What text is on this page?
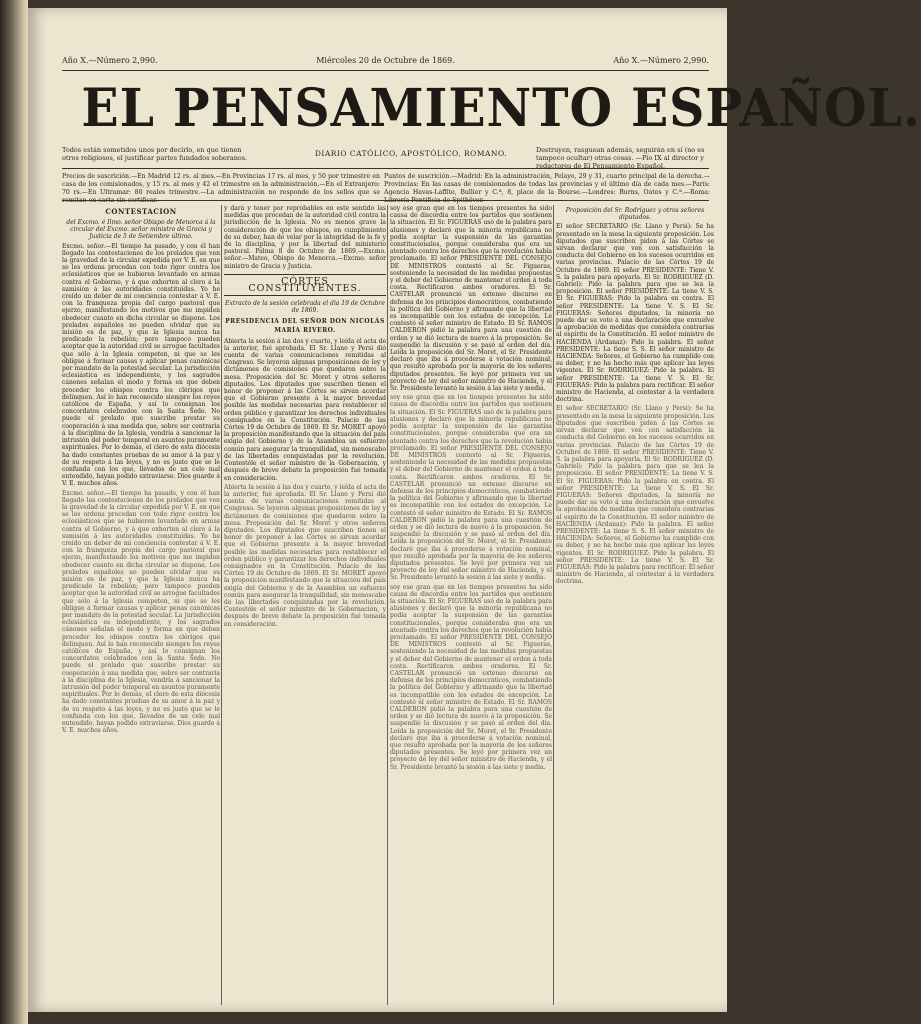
Año X.—Número 2,990.	Miércoles 20 de Octubre de 1869.	Año X.—Número 2,990.
EL PENSAMIENTO ESPAÑOL.
Todos están sometidos unos por decirlo, en que tienen otros religiosos, el justificar partes fundados soberanos.	DIARIO CATÓLICO, APOSTÓLICO, ROMANO.	Destruyen, rasguean además, seguirán en sí (no es tampoco ocultar) otras cosas. —Pío IX al director y redactores de El Pensamiento Español.
Precios de suscrición.—En Madrid 12 rs. al mes.—En Provincias 17 rs. al mes, y 50 por trimestre en casa de los comisionados, y 15 rs. al mes y 42 el trimestre en la administración.—En el Extranjero: 70 rs.—En Ultramar: 80 reales trimestre.—La administración no responde de los sellos que se remitan en carta sin certificar.
Puntos de suscrición.—Madrid: En la administración, Pelayo, 29 y 31, cuarto principal de la derecha.—Provincias: En las casas de comisionados de todas las provincias y el último día de cada mes.—París: Agencia Havas-Laffite, Bullier y C.ª, 8, place de la Bourse.—Londres: Burns, Oates y C.ª.—Roma: Librería Pontificia de Spithöver.
CONTESTACION
del Excmo. é Ilmo. señor Obispo de Menorca á la circular del Excmo. señor ministro de Gracia y Justicia de 5 de Setiembre último.

Excmo. señor.—El tiempo ha pasado, y con él han llegado las contestaciones de los prelados que ven la gravedad de la circular expedida por V. E. en que se les ordena procedan con todo rigor contra los eclesiásticos que se hubieren levantado en armas contra el Gobierno, y á que exhorten al clero á la sumisión á las autoridades constituidas. Yo he creído un deber de mi conciencia contestar á V. E. con la franqueza propia del cargo pastoral que ejerzo, manifestando los motivos que me impiden obedecer cuanto en dicha circular se dispone. Los prelados españoles no pueden olvidar que su misión es de paz, y que la Iglesia nunca ha predicado la rebelión; pero tampoco pueden aceptar que la autoridad civil se arrogue facultades que sólo á la Iglesia competen, ni que se les obligue á formar causas y aplicar penas canónicas por mandato de la potestad secular. La jurisdicción eclesiástica es independiente, y los sagrados cánones señalan el modo y forma en que deben proceder los obispos contra los clérigos que delinquen. Así lo han reconocido siempre los reyes católicos de España, y así lo consignan los concordatos celebrados con la Santa Sede. No puede el prelado que suscribe prestar su cooperación á una medida que, sobre ser contraria á la disciplina de la Iglesia, vendría á sancionar la intrusión del poder temporal en asuntos puramente espirituales. Por lo demás, el clero de esta diócesis ha dado constantes pruebas de su amor á la paz y de su respeto á las leyes, y no es justo que se le confunda con los que, llevados de un celo mal entendido, hayan podido extraviarse. Dios guarde á V. E. muchos años.

Excmo. señor.—El tiempo ha pasado, y con él han llegado las contestaciones de los prelados que ven la gravedad de la circular expedida por V. E. en que se les ordena procedan con todo rigor contra los eclesiásticos que se hubieren levantado en armas contra el Gobierno, y á que exhorten al clero á la sumisión á las autoridades constituidas. Yo he creído un deber de mi conciencia contestar á V. E. con la franqueza propia del cargo pastoral que ejerzo, manifestando los motivos que me impiden obedecer cuanto en dicha circular se dispone. Los prelados españoles no pueden olvidar que su misión es de paz, y que la Iglesia nunca ha predicado la rebelión; pero tampoco pueden aceptar que la autoridad civil se arrogue facultades que sólo á la Iglesia competen, ni que se les obligue á formar causas y aplicar penas canónicas por mandato de la potestad secular. La jurisdicción eclesiástica es independiente, y los sagrados cánones señalan el modo y forma en que deben proceder los obispos contra los clérigos que delinquen. Así lo han reconocido siempre los reyes católicos de España, y así lo consignan los concordatos celebrados con la Santa Sede. No puede el prelado que suscribe prestar su cooperación á una medida que, sobre ser contraria á la disciplina de la Iglesia, vendría á sancionar la intrusión del poder temporal en asuntos puramente espirituales. Por lo demás, el clero de esta diócesis ha dado constantes pruebas de su amor á la paz y de su respeto á las leyes, y no es justo que se le confunda con los que, llevados de un celo mal entendido, hayan podido extraviarse. Dios guarde á V. E. muchos años.

y dará y tener por reprobables en este sentido las medidas que procedan de la autoridad civil contra la jurisdicción de la Iglesia. No es menos grave la consideración de que los obispos, en cumplimiento de su deber, han de velar por la integridad de la fe y de la disciplina, y por la libertad del ministerio pastoral. Palma 8 de Octubre de 1869.—Excmo. señor.—Mateo, Obispo de Menorca.—Excmo. señor ministro de Gracia y Justicia.

CÓRTES CONSTITUYENTES.
Extracto de la sesión celebrada el día 19 de Octubre de 1869.
PRESIDENCIA DEL SEÑOR DON NICOLÁS MARÍA RIVERO.

Abierta la sesión á las dos y cuarto, y leída el acta de la anterior, fué aprobada. El Sr. Llano y Persi dió cuenta de varias comunicaciones remitidas al Congreso. Se leyeron algunas proposiciones de ley y dictámenes de comisiones que quedaron sobre la mesa. Proposición del Sr. Moret y otros señores diputados. Los diputados que suscriben tienen el honor de proponer á las Córtes se sirvan acordar que el Gobierno presente á la mayor brevedad posible las medidas necesarias para restablecer el orden público y garantizar los derechos individuales consignados en la Constitución. Palacio de las Córtes 19 de Octubre de 1869. El Sr. MORET apoyó la proposición manifestando que la situación del país exigía del Gobierno y de la Asamblea un esfuerzo común para asegurar la tranquilidad, sin menoscabo de las libertades conquistadas por la revolución. Contestóle el señor ministro de la Gobernación, y después de breve debate la proposición fué tomada en consideración.

Abierta la sesión á las dos y cuarto, y leída el acta de la anterior, fué aprobada. El Sr. Llano y Persi dió cuenta de varias comunicaciones remitidas al Congreso. Se leyeron algunas proposiciones de ley y dictámenes de comisiones que quedaron sobre la mesa. Proposición del Sr. Moret y otros señores diputados. Los diputados que suscriben tienen el honor de proponer á las Córtes se sirvan acordar que el Gobierno presente á la mayor brevedad posible las medidas necesarias para restablecer el orden público y garantizar los derechos individuales consignados en la Constitución. Palacio de las Córtes 19 de Octubre de 1869. El Sr. MORET apoyó la proposición manifestando que la situación del país exigía del Gobierno y de la Asamblea un esfuerzo común para asegurar la tranquilidad, sin menoscabo de las libertades conquistadas por la revolución. Contestóle el señor ministro de la Gobernación, y después de breve debate la proposición fué tomada en consideración.

soy ese gran que en los tiempos presentes ha sido causa de discordia entre los partidos que sostienen la situación. El Sr. FIGUERAS usó de la palabra para alusiones y declaró que la minoría republicana no podía aceptar la suspensión de las garantías constitucionales, porque consideraba que era un atentado contra los derechos que la revolución había proclamado. El señor PRESIDENTE DEL CONSEJO DE MINISTROS contestó al Sr. Figueras, sosteniendo la necesidad de las medidas propuestas y el deber del Gobierno de mantener el orden á toda costa. Rectificaron ambos oradores. El Sr. CASTELAR pronunció un extenso discurso en defensa de los principios democráticos, combatiendo la política del Gobierno y afirmando que la libertad es incompatible con los estados de excepción. Le contestó el señor ministro de Estado. El Sr. RAMOS CALDERON pidió la palabra para una cuestión de orden y se dió lectura de nuevo á la proposición. Se suspendió la discusión y se pasó al orden del día. Leída la proposición del Sr. Moret, el Sr. Presidente declaró que iba á procederse á votación nominal, que resultó aprobada por la mayoría de los señores diputados presentes. Se leyó por primera vez un proyecto de ley del señor ministro de Hacienda, y el Sr. Presidente levantó la sesión á las siete y media.

soy ese gran que en los tiempos presentes ha sido causa de discordia entre los partidos que sostienen la situación. El Sr. FIGUERAS usó de la palabra para alusiones y declaró que la minoría republicana no podía aceptar la suspensión de las garantías constitucionales, porque consideraba que era un atentado contra los derechos que la revolución había proclamado. El señor PRESIDENTE DEL CONSEJO DE MINISTROS contestó al Sr. Figueras, sosteniendo la necesidad de las medidas propuestas y el deber del Gobierno de mantener el orden á toda costa. Rectificaron ambos oradores. El Sr. CASTELAR pronunció un extenso discurso en defensa de los principios democráticos, combatiendo la política del Gobierno y afirmando que la libertad es incompatible con los estados de excepción. Le contestó el señor ministro de Estado. El Sr. RAMOS CALDERON pidió la palabra para una cuestión de orden y se dió lectura de nuevo á la proposición. Se suspendió la discusión y se pasó al orden del día. Leída la proposición del Sr. Moret, el Sr. Presidente declaró que iba á procederse á votación nominal, que resultó aprobada por la mayoría de los señores diputados presentes. Se leyó por primera vez un proyecto de ley del señor ministro de Hacienda, y el Sr. Presidente levantó la sesión á las siete y media.

soy ese gran que en los tiempos presentes ha sido causa de discordia entre los partidos que sostienen la situación. El Sr. FIGUERAS usó de la palabra para alusiones y declaró que la minoría republicana no podía aceptar la suspensión de las garantías constitucionales, porque consideraba que era un atentado contra los derechos que la revolución había proclamado. El señor PRESIDENTE DEL CONSEJO DE MINISTROS contestó al Sr. Figueras, sosteniendo la necesidad de las medidas propuestas y el deber del Gobierno de mantener el orden á toda costa. Rectificaron ambos oradores. El Sr. CASTELAR pronunció un extenso discurso en defensa de los principios democráticos, combatiendo la política del Gobierno y afirmando que la libertad es incompatible con los estados de excepción. Le contestó el señor ministro de Estado. El Sr. RAMOS CALDERON pidió la palabra para una cuestión de orden y se dió lectura de nuevo á la proposición. Se suspendió la discusión y se pasó al orden del día. Leída la proposición del Sr. Moret, el Sr. Presidente declaró que iba á procederse á votación nominal, que resultó aprobada por la mayoría de los señores diputados presentes. Se leyó por primera vez un proyecto de ley del señor ministro de Hacienda, y el Sr. Presidente levantó la sesión á las siete y media.

Proposición del Sr. Rodríguez y otros señores diputados.

El señor SECRETARIO (Sr. Llano y Persi): Se ha presentado en la mesa la siguiente proposición. Los diputados que suscriben piden á las Córtes se sirvan declarar que ven con satisfacción la conducta del Gobierno en los sucesos ocurridos en varias provincias. Palacio de las Córtes 19 de Octubre de 1869. El señor PRESIDENTE: Tiene V. S. la palabra para apoyarla. El Sr. RODRIGUEZ (D. Gabriel): Pido la palabra para que se lea la proposición. El señor PRESIDENTE: La tiene V. S. El Sr. FIGUERAS: Pido la palabra en contra. El señor PRESIDENTE: La tiene V. S. El Sr. FIGUERAS: Señores diputados, la minoría no puede dar su voto á una declaración que envuelve la aprobación de medidas que considera contrarias al espíritu de la Constitución. El señor ministro de HACIENDA (Ardanaz): Pido la palabra. El señor PRESIDENTE: La tiene S. S. El señor ministro de HACIENDA: Señores, el Gobierno ha cumplido con su deber, y no ha hecho más que aplicar las leyes vigentes. El Sr. RODRIGUEZ: Pido la palabra. El señor PRESIDENTE: La tiene V. S. El Sr. FIGUERAS: Pido la palabra para rectificar. El señor ministro de Hacienda, al contestar á la verdadera doctrina.

El señor SECRETARIO (Sr. Llano y Persi): Se ha presentado en la mesa la siguiente proposición. Los diputados que suscriben piden á las Córtes se sirvan declarar que ven con satisfacción la conducta del Gobierno en los sucesos ocurridos en varias provincias. Palacio de las Córtes 19 de Octubre de 1869. El señor PRESIDENTE: Tiene V. S. la palabra para apoyarla. El Sr. RODRIGUEZ (D. Gabriel): Pido la palabra para que se lea la proposición. El señor PRESIDENTE: La tiene V. S. El Sr. FIGUERAS: Pido la palabra en contra. El señor PRESIDENTE: La tiene V. S. El Sr. FIGUERAS: Señores diputados, la minoría no puede dar su voto á una declaración que envuelve la aprobación de medidas que considera contrarias al espíritu de la Constitución. El señor ministro de HACIENDA (Ardanaz): Pido la palabra. El señor PRESIDENTE: La tiene S. S. El señor ministro de HACIENDA: Señores, el Gobierno ha cumplido con su deber, y no ha hecho más que aplicar las leyes vigentes. El Sr. RODRIGUEZ: Pido la palabra. El señor PRESIDENTE: La tiene V. S. El Sr. FIGUERAS: Pido la palabra para rectificar. El señor ministro de Hacienda, al contestar á la verdadera doctrina.
